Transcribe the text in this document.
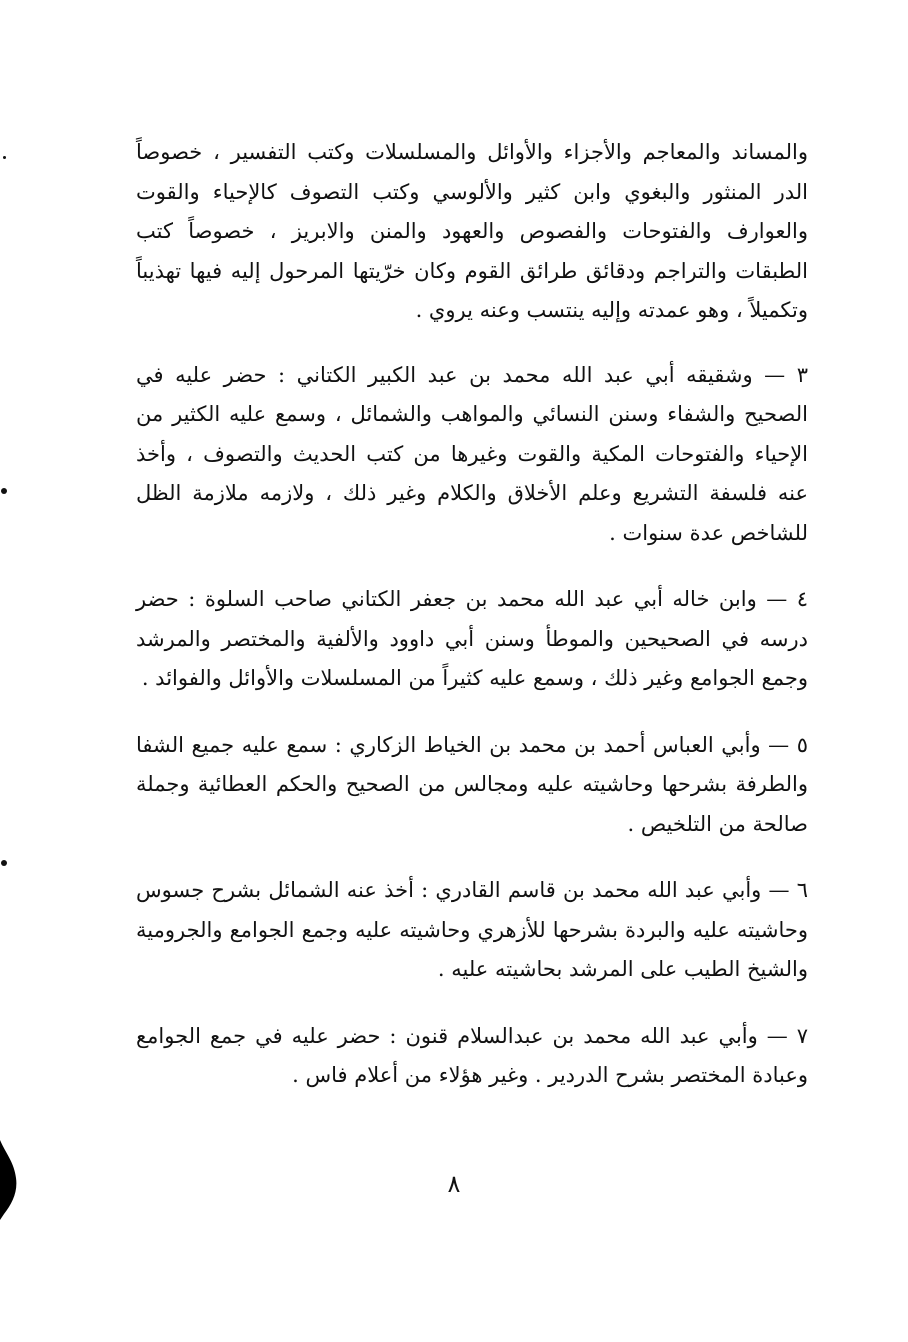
والمساند والمعاجم والأجزاء والأوائل والمسلسلات وكتب التفسير ، خصوصاً الدر المنثور والبغوي وابن كثير والألوسي وكتب التصوف كالإحياء والقوت والعوارف والفتوحات والفصوص والعهود والمنن والابريز ، خصوصاً كتب الطبقات والتراجم ودقائق طرائق القوم وكان خرّيتها المرحول إليه فيها تهذيباً وتكميلاً ، وهو عمدته وإليه ينتسب وعنه يروي .

٣ — وشقيقه أبي عبد الله محمد بن عبد الكبير الكتاني : حضر عليه في الصحيح والشفاء وسنن النسائي والمواهب والشمائل ، وسمع عليه الكثير من الإحياء والفتوحات المكية والقوت وغيرها من كتب الحديث والتصوف ، وأخذ عنه فلسفة التشريع وعلم الأخلاق والكلام وغير ذلك ، ولازمه ملازمة الظل للشاخص عدة سنوات .

٤ — وابن خاله أبي عبد الله محمد بن جعفر الكتاني صاحب السلوة : حضر درسه في الصحيحين والموطأ وسنن أبي داوود والألفية والمختصر والمرشد وجمع الجوامع وغير ذلك ، وسمع عليه كثيراً من المسلسلات والأوائل والفوائد .

٥ — وأبي العباس أحمد بن محمد بن الخياط الزكاري : سمع عليه جميع الشفا والطرفة بشرحها وحاشيته عليه ومجالس من الصحيح والحكم العطائية وجملة صالحة من التلخيص .

٦ — وأبي عبد الله محمد بن قاسم القادري : أخذ عنه الشمائل بشرح جسوس وحاشيته عليه والبردة بشرحها للأزهري وحاشيته عليه وجمع الجوامع والجرومية والشيخ الطيب على المرشد بحاشيته عليه .

٧ — وأبي عبد الله محمد بن عبدالسلام قنون : حضر عليه في جمع الجوامع وعبادة المختصر بشرح الدردير . وغير هؤلاء من أعلام فاس .

٨
